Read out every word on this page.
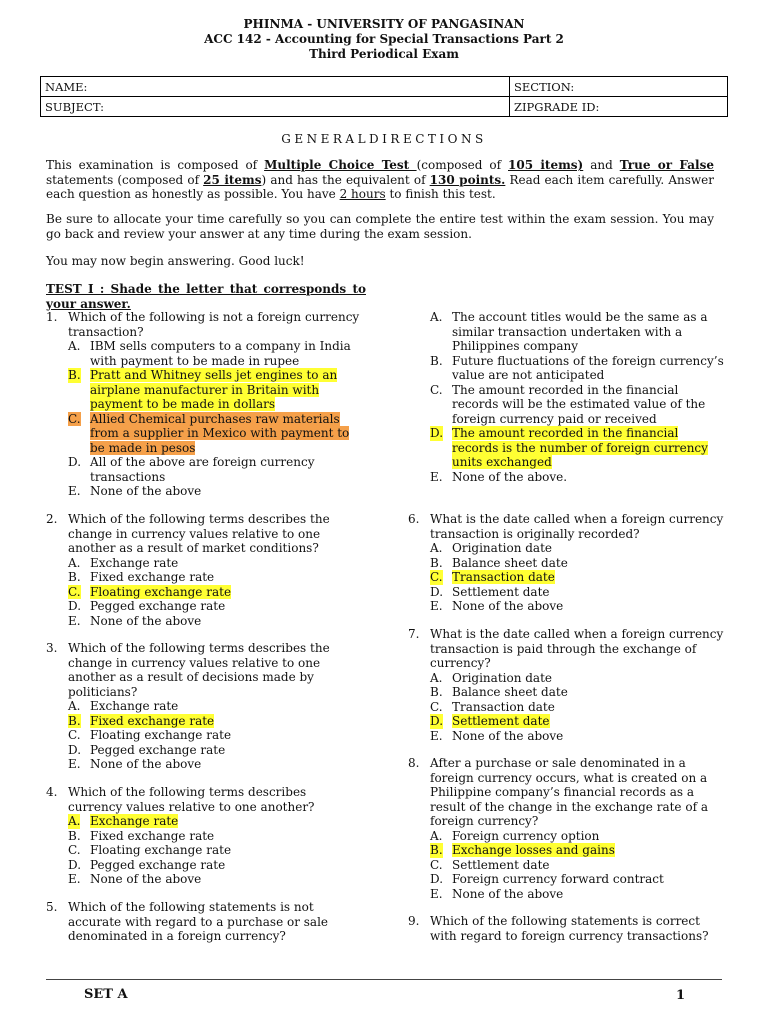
PHINMA - UNIVERSITY OF PANGASINAN
ACC 142 - Accounting for Special Transactions Part 2
Third Periodical Exam
NAME:	SECTION:
SUBJECT:	ZIPGRADE ID:
GENERALDIRECTIONS

This examination is composed of Multiple Choice Test (composed of 105 items) and True or False statements (composed of 25 items) and has the equivalent of 130 points. Read each item carefully. Answer each question as honestly as possible. You have 2 hours to finish this test.

Be sure to allocate your time carefully so you can complete the entire test within the exam session. You may go back and review your answer at any time during the exam session.

You may now begin answering. Good luck!

TEST I : Shade the letter that corresponds to your answer.
1. Which of the following is not a foreign currency transaction?
A. IBM sells computers to a company in India with payment to be made in rupee
B. Pratt and Whitney sells jet engines to an airplane manufacturer in Britain with payment to be made in dollars
C. Allied Chemical purchases raw materials from a supplier in Mexico with payment to be made in pesos
D. All of the above are foreign currency transactions
E. None of the above
2. Which of the following terms describes the change in currency values relative to one another as a result of market conditions?
A. Exchange rate
B. Fixed exchange rate
C. Floating exchange rate
D. Pegged exchange rate
E. None of the above
3. Which of the following terms describes the change in currency values relative to one another as a result of decisions made by politicians?
A. Exchange rate
B. Fixed exchange rate
C. Floating exchange rate
D. Pegged exchange rate
E. None of the above
4. Which of the following terms describes currency values relative to one another?
A. Exchange rate
B. Fixed exchange rate
C. Floating exchange rate
D. Pegged exchange rate
E. None of the above
5. Which of the following statements is not accurate with regard to a purchase or sale denominated in a foreign currency?
A. The account titles would be the same as a similar transaction undertaken with a Philippines company
B. Future fluctuations of the foreign currency’s value are not anticipated
C. The amount recorded in the financial records will be the estimated value of the foreign currency paid or received
D. The amount recorded in the financial records is the number of foreign currency units exchanged
E. None of the above.
6. What is the date called when a foreign currency transaction is originally recorded?
A. Origination date
B. Balance sheet date
C. Transaction date
D. Settlement date
E. None of the above
7. What is the date called when a foreign currency transaction is paid through the exchange of currency?
A. Origination date
B. Balance sheet date
C. Transaction date
D. Settlement date
E. None of the above
8. After a purchase or sale denominated in a foreign currency occurs, what is created on a Philippine company’s financial records as a result of the change in the exchange rate of a foreign currency?
A. Foreign currency option
B. Exchange losses and gains
C. Settlement date
D. Foreign currency forward contract
E. None of the above
9. Which of the following statements is correct with regard to foreign currency transactions?
SET A	1
